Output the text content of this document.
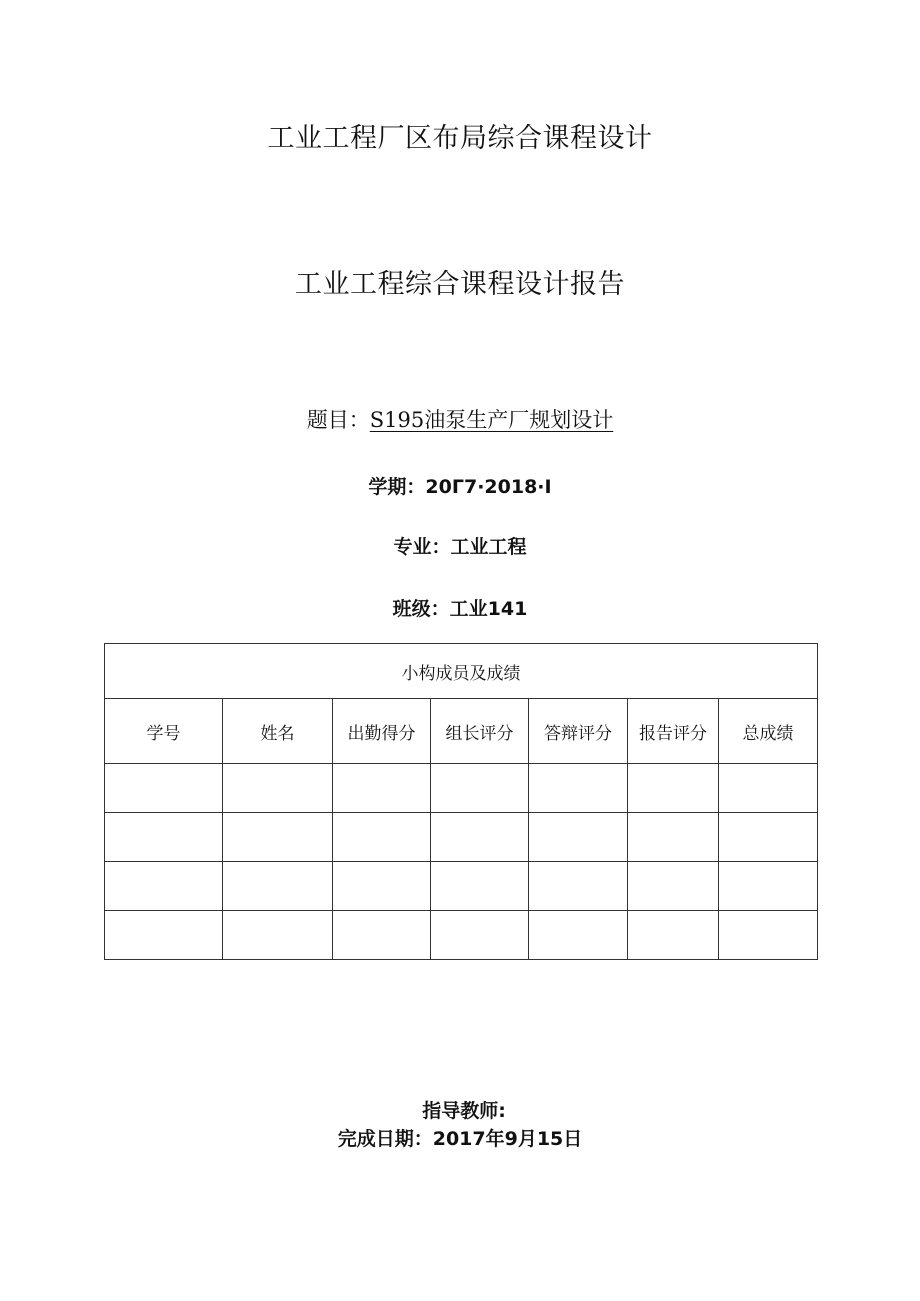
工业工程厂区布局综合课程设计
工业工程综合课程设计报告

题目：S195油泵生产厂规划设计

学期：20Г7·2018·I

专业：工业工程

班级：工业141

小构成员及成绩						
学号	姓名	出勤得分	组长评分	答辩评分	报告评分	总成绩

指导教师:

完成日期：2017年9月15日
